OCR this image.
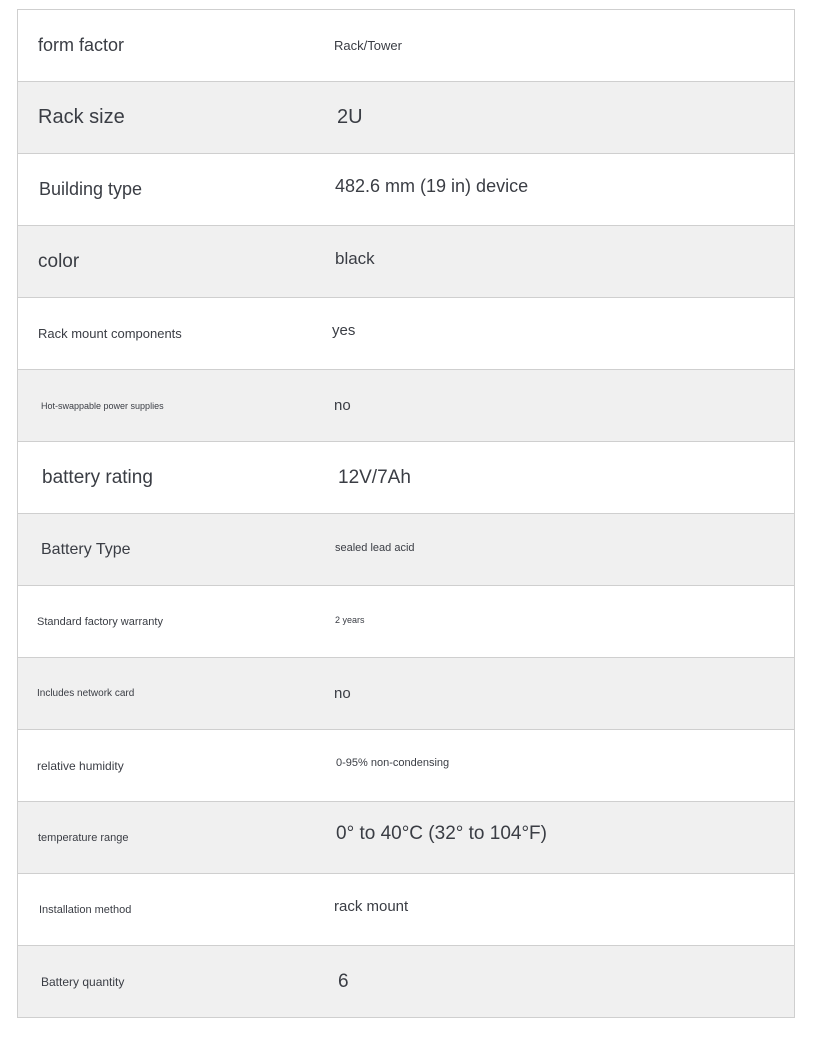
form factor	Rack/Tower
Rack size	2U
Building type	482.6 mm (19 in) device
color	black
Rack mount components	yes
Hot-swappable power supplies	no
battery rating	12V/7Ah
Battery Type	sealed lead acid
Standard factory warranty	2 years
Includes network card	no
relative humidity	0-95% non-condensing
temperature range	0° to 40°C (32° to 104°F)
Installation method	rack mount
Battery quantity	6
